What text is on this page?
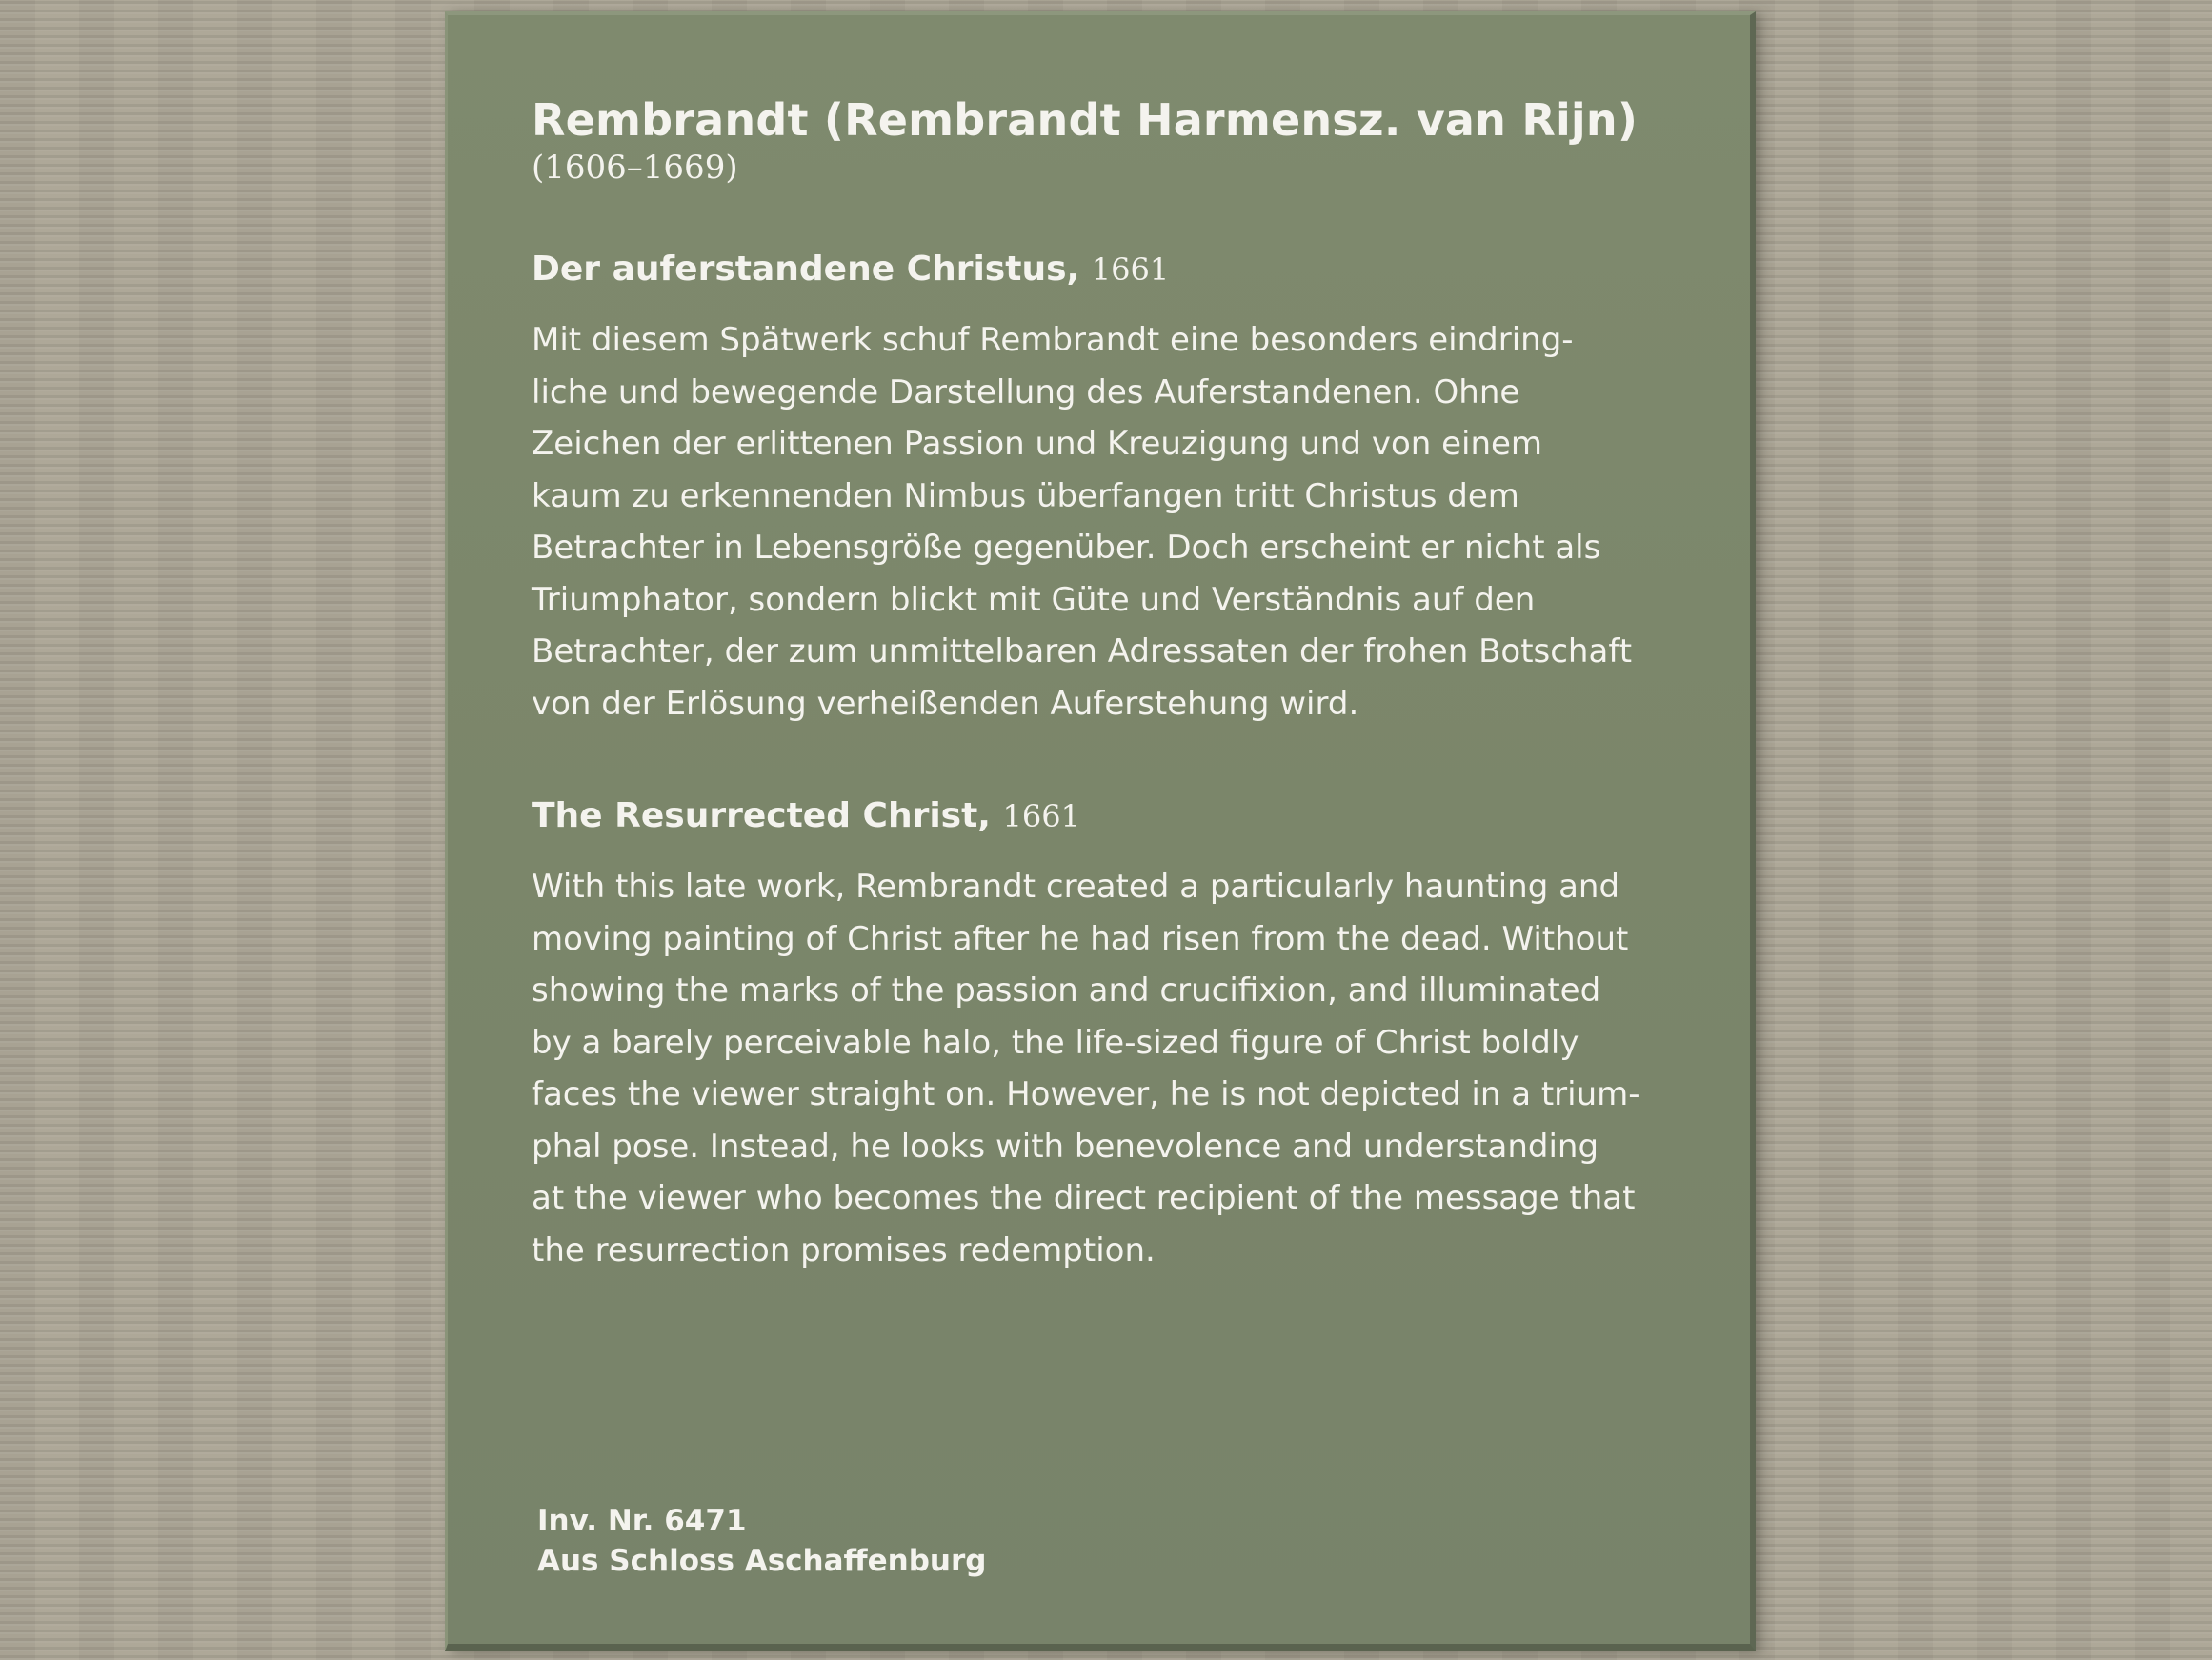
Rembrandt (Rembrandt Harmensz. van Rijn)

(1606–1669)

Der auferstandene Christus, 1661

Mit diesem Spätwerk schuf Rembrandt eine besonders eindring-
liche und bewegende Darstellung des Auferstandenen. Ohne
Zeichen der erlittenen Passion und Kreuzigung und von einem
kaum zu erkennenden Nimbus überfangen tritt Christus dem
Betrachter in Lebensgröße gegenüber. Doch erscheint er nicht als
Triumphator, sondern blickt mit Güte und Verständnis auf den
Betrachter, der zum unmittelbaren Adressaten der frohen Botschaft
von der Erlösung verheißenden Auferstehung wird.

The Resurrected Christ, 1661

With this late work, Rembrandt created a particularly haunting and
moving painting of Christ after he had risen from the dead. Without
showing the marks of the passion and crucifixion, and illuminated
by a barely perceivable halo, the life-sized figure of Christ boldly
faces the viewer straight on. However, he is not depicted in a trium-
phal pose. Instead, he looks with benevolence and understanding
at the viewer who becomes the direct recipient of the message that
the resurrection promises redemption.

Inv. Nr. 6471
Aus Schloss Aschaffenburg
